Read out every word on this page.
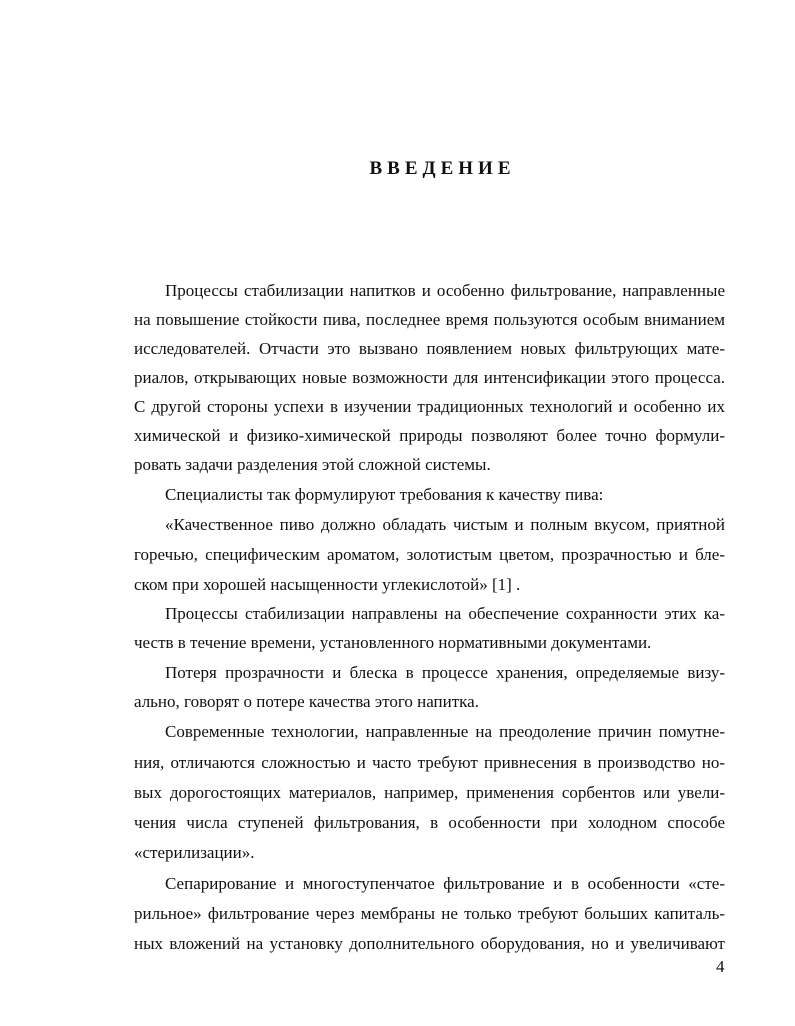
ВВЕДЕНИЕ
Процессы стабилизации напитков и особенно фильтрование, направленные
на повышение стойкости пива, последнее время пользуются особым вниманием
исследователей. Отчасти это вызвано появлением новых фильтрующих мате-
риалов, открывающих новые возможности для интенсификации этого процесса.
С другой стороны успехи в изучении традиционных технологий и особенно их
химической и физико-химической природы позволяют более точно формули-
ровать задачи разделения этой сложной системы.
Специалисты так формулируют требования к качеству пива:
«Качественное пиво должно обладать чистым и полным вкусом, приятной
горечью, специфическим ароматом, золотистым цветом, прозрачностью и бле-
ском при хорошей насыщенности углекислотой» [1] .
Процессы стабилизации направлены на обеспечение сохранности этих ка-
честв в течение времени, установленного нормативными документами.
Потеря прозрачности и блеска в процессе хранения, определяемые визу-
ально, говорят о потере качества этого напитка.
Современные технологии, направленные на преодоление причин помутне-
ния, отличаются сложностью и часто требуют привнесения в производство но-
вых дорогостоящих материалов, например, применения сорбентов или увели-
чения числа ступеней фильтрования, в особенности при холодном способе
«стерилизации».
Сепарирование и многоступенчатое фильтрование и в особенности «сте-
рильное» фильтрование через мембраны не только требуют больших капиталь-
ных вложений на установку дополнительного оборудования, но и увеличивают
4
